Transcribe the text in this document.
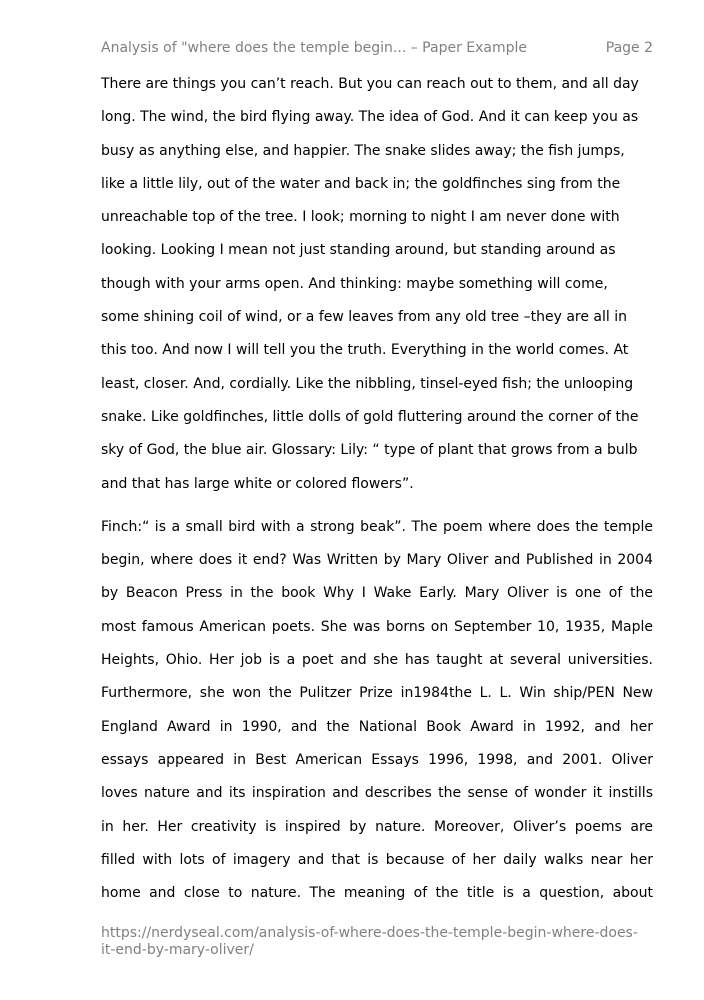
Analysis of "where does the temple begin... – Paper Example	Page 2
There are things you can’t reach. But you can reach out to them, and all day
long. The wind, the bird flying away. The idea of God. And it can keep you as
busy as anything else, and happier. The snake slides away; the fish jumps,
like a little lily, out of the water and back in; the goldfinches sing from the
unreachable top of the tree. I look; morning to night I am never done with
looking. Looking I mean not just standing around, but standing around as
though with your arms open. And thinking: maybe something will come,
some shining coil of wind, or a few leaves from any old tree –they are all in
this too. And now I will tell you the truth. Everything in the world comes. At
least, closer. And, cordially. Like the nibbling, tinsel-eyed fish; the unlooping
snake. Like goldfinches, little dolls of gold fluttering around the corner of the
sky of God, the blue air. Glossary: Lily: “ type of plant that grows from a bulb
and that has large white or colored flowers”.
Finch:“ is a small bird with a strong beak”. The poem where does the temple
begin, where does it end? Was Written by Mary Oliver and Published in 2004
by Beacon Press in the book Why I Wake Early. Mary Oliver is one of the
most famous American poets. She was borns on September 10, 1935, Maple
Heights, Ohio. Her job is a poet and she has taught at several universities.
Furthermore, she won the Pulitzer Prize in1984the L. L. Win ship/PEN New
England Award in 1990, and the National Book Award in 1992, and her
essays appeared in Best American Essays 1996, 1998, and 2001. Oliver
loves nature and its inspiration and describes the sense of wonder it instills
in her. Her creativity is inspired by nature. Moreover, Oliver’s poems are
filled with lots of imagery and that is because of her daily walks near her
home and close to nature. The meaning of the title is a question, about
https://nerdyseal.com/analysis-of-where-does-the-temple-begin-where-does-
it-end-by-mary-oliver/
